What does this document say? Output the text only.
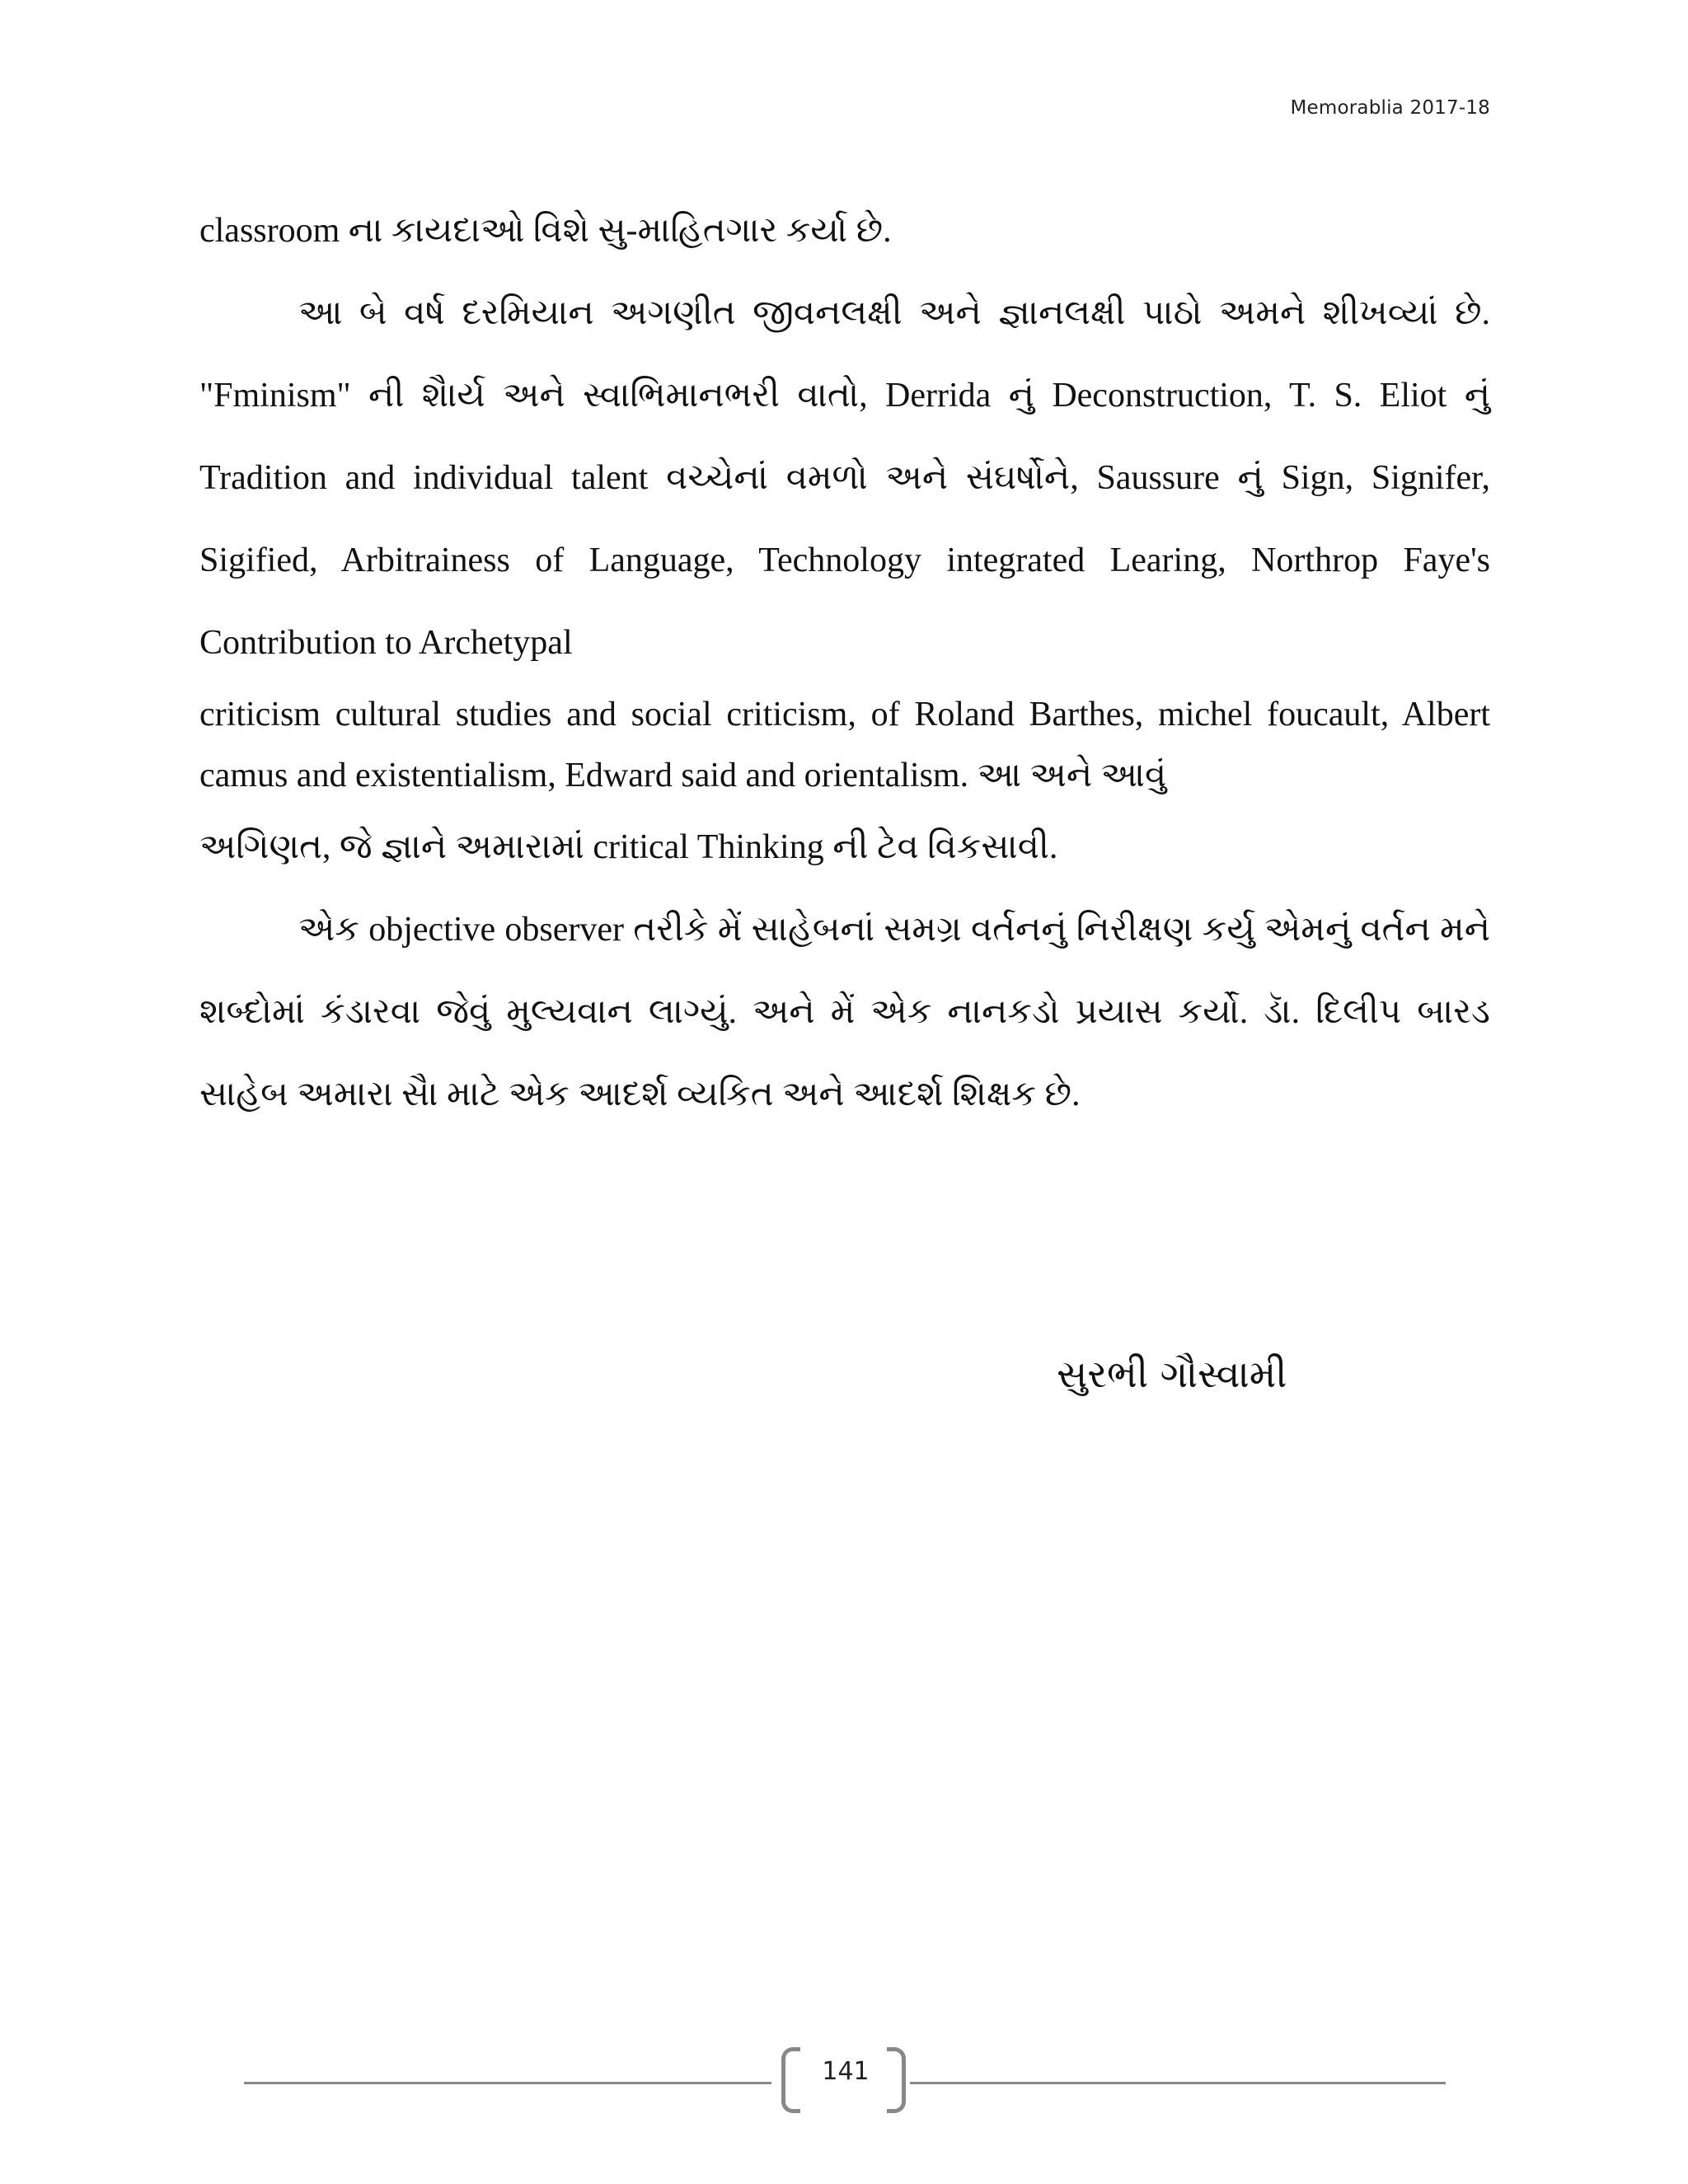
Memorablia 2017-18

classroom ના કાયદાઓ વિશે સુ-માહિતગાર કર્યા છે.

આ બે વર્ષ દરમિયાન અગણીત જીવનલક્ષી અને જ્ઞાનલક્ષી પાઠો અમને શીખવ્યાં છે. "Fminism" ની શૈાર્ય અને સ્વાભિમાનભરી વાતો, Derrida નું Deconstruction, T. S. Eliot નું Tradition and individual talent વચ્ચેનાં વમળો અને સંઘર્ષોને, Saussure નું Sign, Signifer, Sigified, Arbitrainess of Language, Technology integrated Learing, Northrop Faye's Contribution to Archetypal

criticism cultural studies and social criticism, of Roland Barthes, michel foucault, Albert camus and existentialism, Edward said and orientalism. આ અને આવું

અગિણત, જે જ્ઞાને અમારામાં critical Thinking ની ટેવ વિકસાવી.

એક objective observer તરીકે મેં સાહેબનાં સમગ્ર વર્તનનું નિરીક્ષણ કર્યુ એમનું વર્તન મને શબ્દોમાં કંડારવા જેવું મુલ્યવાન લાગ્યું. અને મેં એક નાનકડો પ્રયાસ કર્યો. ડાૅ. દિલીપ બારડ સાહેબ અમારા સૈા માટે એક આદર્શ વ્યકિત અને આદર્શ શિક્ષક છે.

સુરભી ગૌસ્વામી
141
